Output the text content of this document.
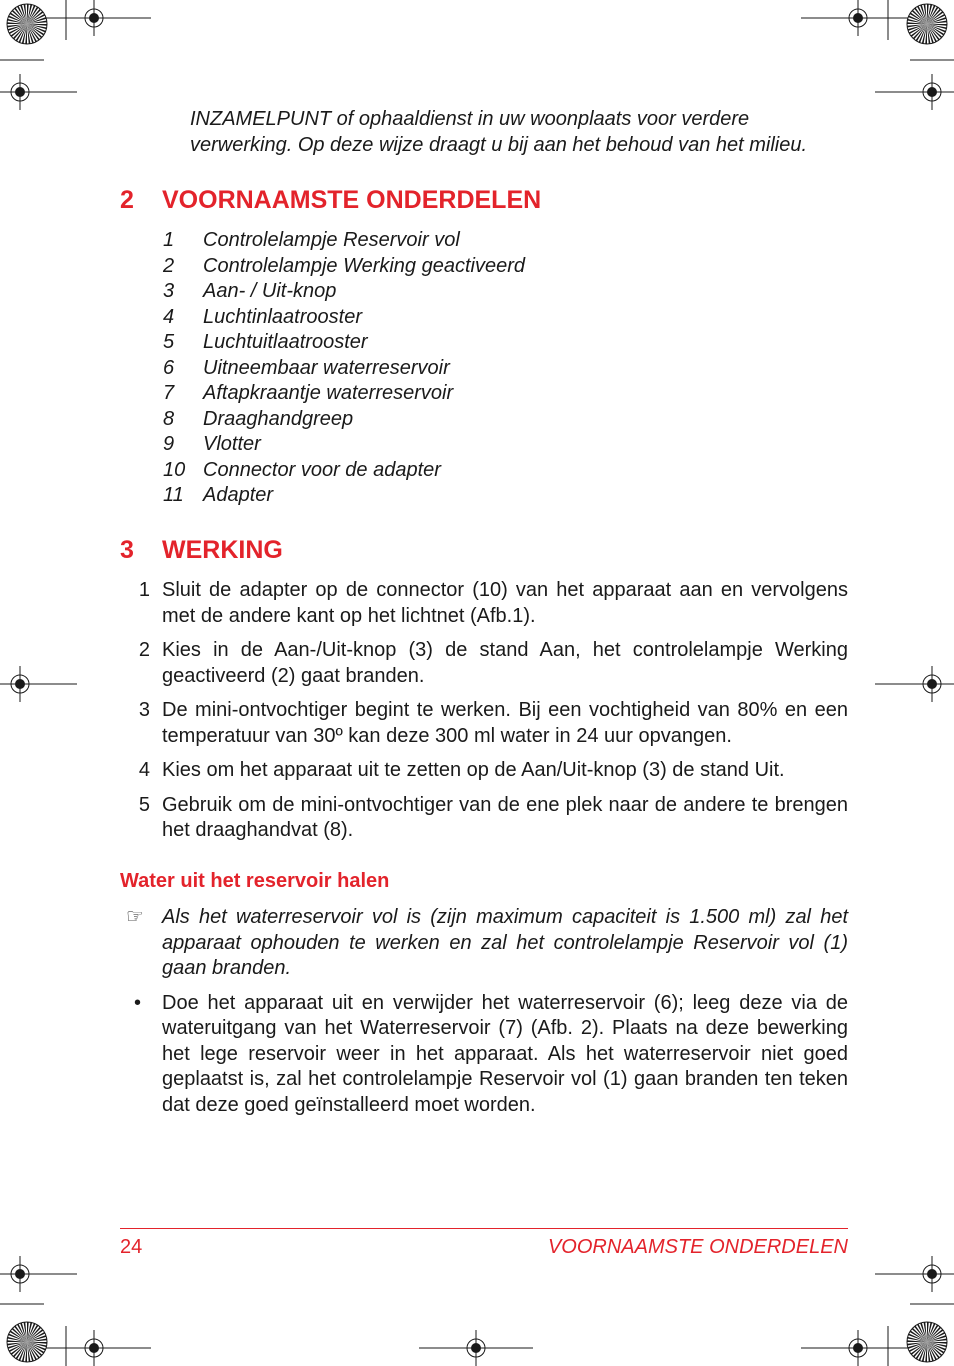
INZAMELPUNT of ophaaldienst in uw woonplaats voor verdere verwerking. Op deze wijze draagt u bij aan het behoud van het milieu.
2 VOORNAAMSTE ONDERDELEN
1 Controlelampje Reservoir vol
2 Controlelampje Werking geactiveerd
3 Aan- / Uit-knop
4 Luchtinlaatrooster
5 Luchtuitlaatrooster
6 Uitneembaar waterreservoir
7 Aftapkraantje waterreservoir
8 Draaghandgreep
9 Vlotter
10 Connector voor de adapter
11 Adapter
3 WERKING
1 Sluit de adapter op de connector (10) van het apparaat aan en vervolgens met de andere kant op het lichtnet (Afb.1).
2 Kies in de Aan-/Uit-knop (3) de stand Aan, het controlelampje Werking geactiveerd (2) gaat branden.
3 De mini-ontvochtiger begint te werken. Bij een vochtigheid van 80% en een temperatuur van 30º kan deze 300 ml water in 24 uur opvangen.
4 Kies om het apparaat uit te zetten op de Aan/Uit-knop (3) de stand Uit.
5 Gebruik om de mini-ontvochtiger van de ene plek naar de andere te brengen het draaghandvat (8).
Water uit het reservoir halen
☞ Als het waterreservoir vol is (zijn maximum capaciteit is 1.500 ml) zal het apparaat ophouden te werken en zal het controlelampje Reservoir vol (1) gaan branden.
•	Doe het apparaat uit en verwijder het waterreservoir (6); leeg deze via de wateruitgang van het Waterreservoir (7) (Afb. 2). Plaats na deze bewerking het lege reservoir weer in het apparaat. Als het waterreservoir niet goed geplaatst is, zal het controlelampje Reservoir vol (1) gaan branden ten teken dat deze goed geïnstalleerd moet worden.
24	VOORNAAMSTE ONDERDELEN
